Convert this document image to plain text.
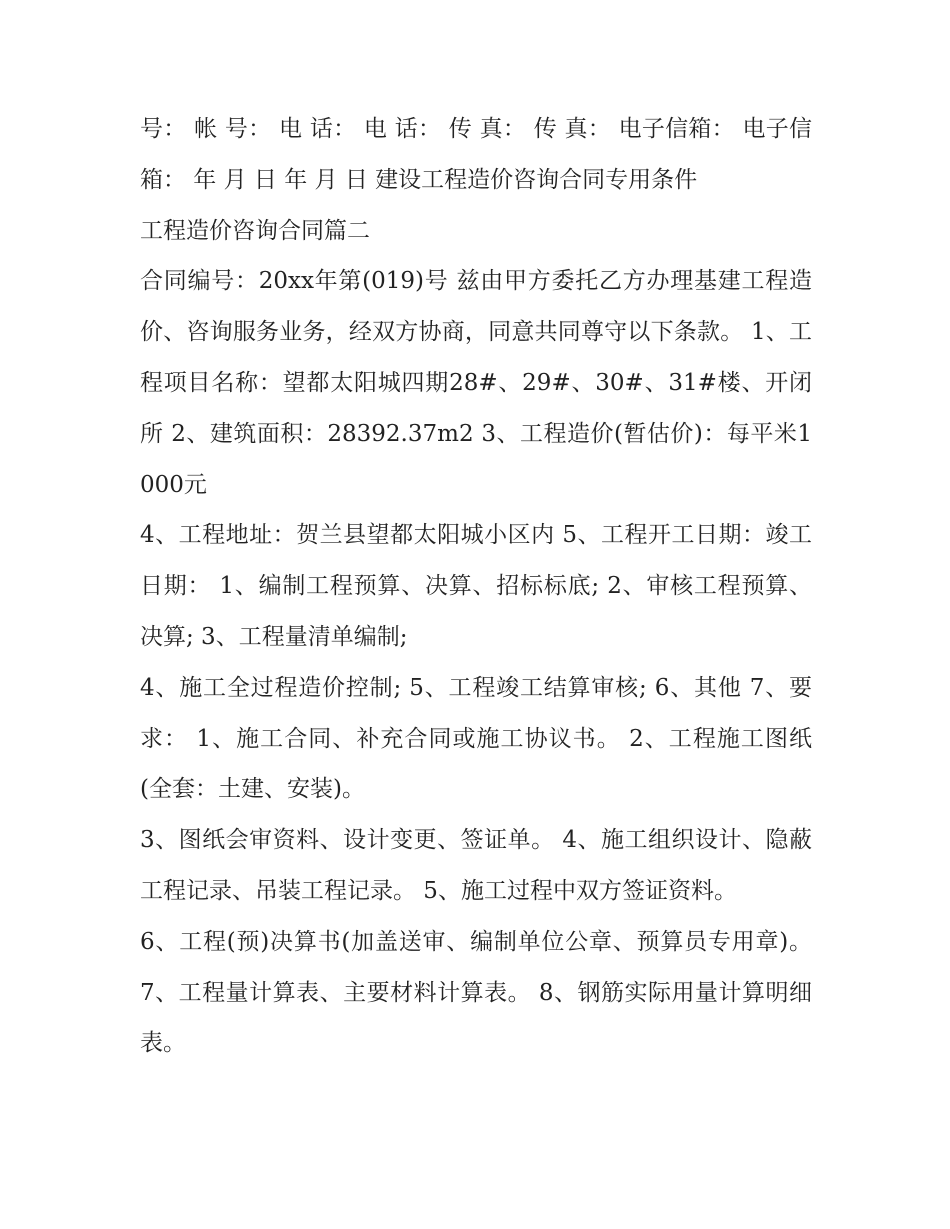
号： 帐 号： 电 话： 电 话： 传 真： 传 真： 电子信箱： 电子信箱： 年 月 日 年 月 日 建设工程造价咨询合同专用条件

工程造价咨询合同篇二

合同编号：20xx年第(019)号 兹由甲方委托乙方办理基建工程造价、咨询服务业务，经双方协商，同意共同尊守以下条款。 1、工程项目名称：望都太阳城四期28#、29#、30#、31#楼、开闭所 2、建筑面积：28392.37m2 3、工程造价(暂估价)：每平米1000元

4、工程地址：贺兰县望都太阳城小区内 5、工程开工日期：竣工日期： 1、编制工程预算、决算、招标标底; 2、审核工程预算、决算; 3、工程量清单编制;

4、施工全过程造价控制; 5、工程竣工结算审核; 6、其他 7、要求： 1、施工合同、补充合同或施工协议书。 2、工程施工图纸(全套：土建、安装)。

3、图纸会审资料、设计变更、签证单。 4、施工组织设计、隐蔽工程记录、吊装工程记录。 5、施工过程中双方签证资料。

6、工程(预)决算书(加盖送审、编制单位公章、预算员专用章)。 7、工程量计算表、主要材料计算表。 8、钢筋实际用量计算明细表。
